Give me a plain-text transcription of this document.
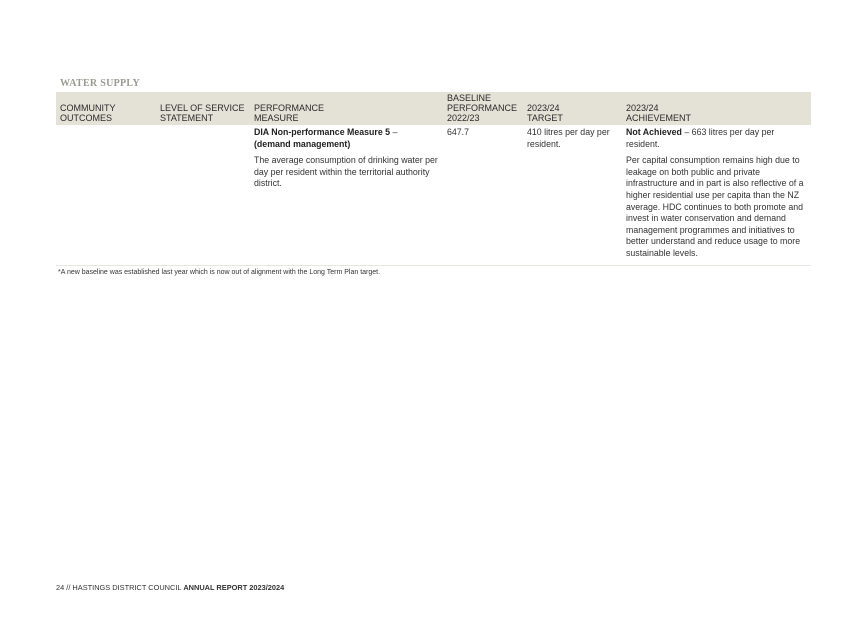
WATER SUPPLY
COMMUNITY
OUTCOMES
LEVEL OF SERVICE
STATEMENT
PERFORMANCE
MEASURE
BASELINE
PERFORMANCE
2022/23
2023/24
TARGET
2023/24
ACHIEVEMENT
DIA Non-performance Measure 5 –
(demand management)
The average consumption of drinking water per day per resident within the territorial authority district.
647.7	410 litres per day per resident.
Not Achieved – 663 litres per day per resident.
Per capital consumption remains high due to leakage on both public and private infrastructure and in part is also reflective of a higher residential use per capita than the NZ average. HDC continues to both promote and invest in water conservation and demand management programmes and initiatives to better understand and reduce usage to more sustainable levels.
*A new baseline was established last year which is now out of alignment with the Long Term Plan target.
24 // HASTINGS DISTRICT COUNCIL ANNUAL REPORT 2023/2024
